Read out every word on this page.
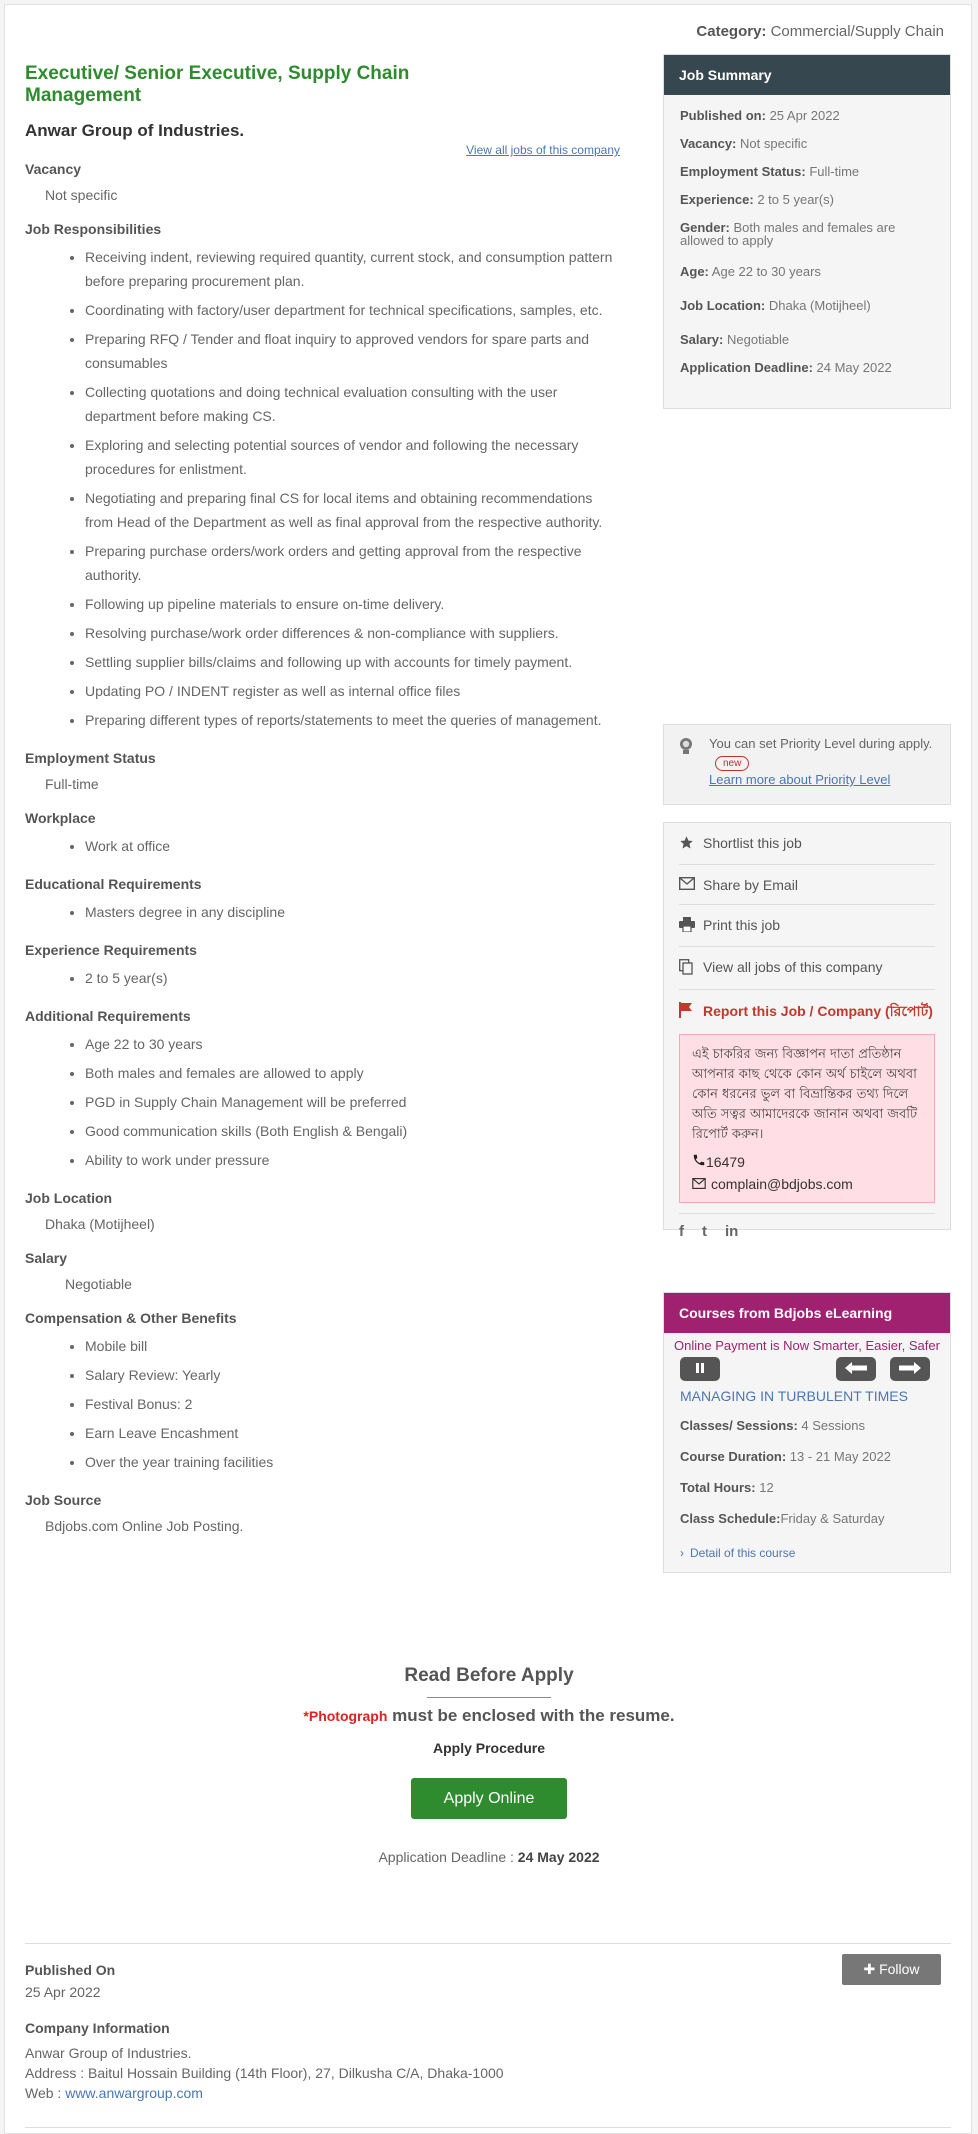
Category: Commercial/Supply Chain
Executive/ Senior Executive, Supply Chain Management
Anwar Group of Industries.
View all jobs of this company
Vacancy
Not specific
Job Responsibilities
• Receiving indent, reviewing required quantity, current stock, and consumption pattern before preparing procurement plan.
• Coordinating with factory/user department for technical specifications, samples, etc.
• Preparing RFQ / Tender and float inquiry to approved vendors for spare parts and consumables
• Collecting quotations and doing technical evaluation consulting with the user department before making CS.
• Exploring and selecting potential sources of vendor and following the necessary procedures for enlistment.
• Negotiating and preparing final CS for local items and obtaining recommendations from Head of the Department as well as final approval from the respective authority.
• Preparing purchase orders/work orders and getting approval from the respective authority.
• Following up pipeline materials to ensure on-time delivery.
• Resolving purchase/work order differences & non-compliance with suppliers.
• Settling supplier bills/claims and following up with accounts for timely payment.
• Updating PO / INDENT register as well as internal office files
• Preparing different types of reports/statements to meet the queries of management.
Employment Status
Full-time
Workplace
• Work at office
Educational Requirements
• Masters degree in any discipline
Experience Requirements
• 2 to 5 year(s)
Additional Requirements
• Age 22 to 30 years
• Both males and females are allowed to apply
• PGD in Supply Chain Management will be preferred
• Good communication skills (Both English & Bengali)
• Ability to work under pressure
Job Location
Dhaka (Motijheel)
Salary
Negotiable
Compensation & Other Benefits
• Mobile bill
• Salary Review: Yearly
• Festival Bonus: 2
• Earn Leave Encashment
• Over the year training facilities
Job Source
Bdjobs.com Online Job Posting.
Job Summary
Published on: 25 Apr 2022
Vacancy: Not specific
Employment Status: Full-time
Experience: 2 to 5 year(s)
Gender: Both males and females are allowed to apply
Age: Age 22 to 30 years
Job Location: Dhaka (Motijheel)
Salary: Negotiable
Application Deadline: 24 May 2022
You can set Priority Level during apply. new
Learn more about Priority Level
Shortlist this job
Share by Email
Print this job
View all jobs of this company
Report this Job / Company (রিপোর্ট)
এই চাকরির জন্য বিজ্ঞাপন দাতা প্রতিষ্ঠান আপনার কাছ থেকে কোন অর্থ চাইলে অথবা কোন ধরনের ভুল বা বিভ্রান্তিকর তথ্য দিলে অতি সত্বর আমাদেরকে জানান অথবা জবটি রিপোর্ট করুন।
16479
complain@bdjobs.com
f t in
Courses from Bdjobs eLearning
Online Payment is Now Smarter, Easier, Safer
MANAGING IN TURBULENT TIMES
Classes/ Sessions: 4 Sessions
Course Duration: 13 - 21 May 2022
Total Hours: 12
Class Schedule:Friday & Saturday
› Detail of this course
Read Before Apply
*Photograph must be enclosed with the resume.
Apply Procedure
Apply Online
Application Deadline : 24 May 2022
Published On
25 Apr 2022
✚ Follow
Company Information
Anwar Group of Industries.
Address : Baitul Hossain Building (14th Floor), 27, Dilkusha C/A, Dhaka-1000
Web : www.anwargroup.com
